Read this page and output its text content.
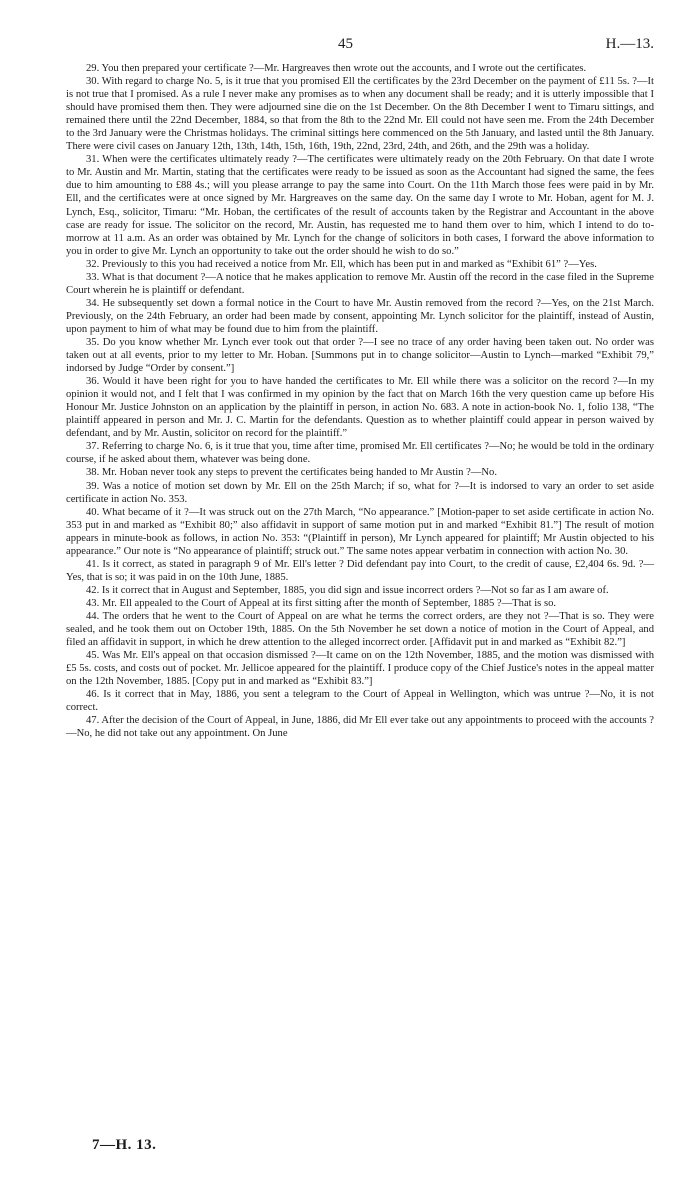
45	H.—13.

29. You then prepared your certificate ?—Mr. Hargreaves then wrote out the accounts, and I wrote out the certificates.

30. With regard to charge No. 5, is it true that you promised Ell the certificates by the 23rd December on the payment of £11 5s. ?—It is not true that I promised. As a rule I never make any promises as to when any document shall be ready; and it is utterly impossible that I should have promised them then. They were adjourned sine die on the 1st December. On the 8th December I went to Timaru sittings, and remained there until the 22nd December, 1884, so that from the 8th to the 22nd Mr. Ell could not have seen me. From the 24th December to the 3rd January were the Christmas holidays. The criminal sittings here commenced on the 5th January, and lasted until the 8th January. There were civil cases on January 12th, 13th, 14th, 15th, 16th, 19th, 22nd, 23rd, 24th, and 26th, and the 29th was a holiday.

31. When were the certificates ultimately ready ?—The certificates were ultimately ready on the 20th February. On that date I wrote to Mr. Austin and Mr. Martin, stating that the certificates were ready to be issued as soon as the Accountant had signed the same, the fees due to him amounting to £88 4s.; will you please arrange to pay the same into Court. On the 11th March those fees were paid in by Mr. Ell, and the certificates were at once signed by Mr. Hargreaves on the same day. On the same day I wrote to Mr. Hoban, agent for M. J. Lynch, Esq., solicitor, Timaru: “Mr. Hoban, the certificates of the result of accounts taken by the Registrar and Accountant in the above case are ready for issue. The solicitor on the record, Mr. Austin, has requested me to hand them over to him, which I intend to do to-morrow at 11 a.m. As an order was obtained by Mr. Lynch for the change of solicitors in both cases, I forward the above information to you in order to give Mr. Lynch an opportunity to take out the order should he wish to do so.”

32. Previously to this you had received a notice from Mr. Ell, which has been put in and marked as “Exhibit 61” ?—Yes.

33. What is that document ?—A notice that he makes application to remove Mr. Austin off the record in the case filed in the Supreme Court wherein he is plaintiff or defendant.

34. He subsequently set down a formal notice in the Court to have Mr. Austin removed from the record ?—Yes, on the 21st March. Previously, on the 24th February, an order had been made by consent, appointing Mr. Lynch solicitor for the plaintiff, instead of Austin, upon payment to him of what may be found due to him from the plaintiff.

35. Do you know whether Mr. Lynch ever took out that order ?—I see no trace of any order having been taken out. No order was taken out at all events, prior to my letter to Mr. Hoban. [Summons put in to change solicitor—Austin to Lynch—marked “Exhibit 79,” indorsed by Judge “Order by consent.”]

36. Would it have been right for you to have handed the certificates to Mr. Ell while there was a solicitor on the record ?—In my opinion it would not, and I felt that I was confirmed in my opinion by the fact that on March 16th the very question came up before His Honour Mr. Justice Johnston on an application by the plaintiff in person, in action No. 683. A note in action-book No. 1, folio 138, “The plaintiff appeared in person and Mr. J. C. Martin for the defendants. Question as to whether plaintiff could appear in person waived by defendant, and by Mr. Austin, solicitor on record for the plaintiff.”

37. Referring to charge No. 6, is it true that you, time after time, promised Mr. Ell certificates ?—No; he would be told in the ordinary course, if he asked about them, whatever was being done.

38. Mr. Hoban never took any steps to prevent the certificates being handed to Mr Austin ?—No.

39. Was a notice of motion set down by Mr. Ell on the 25th March; if so, what for ?—It is indorsed to vary an order to set aside certificate in action No. 353.

40. What became of it ?—It was struck out on the 27th March, “No appearance.” [Motion-paper to set aside certificate in action No. 353 put in and marked as “Exhibit 80;” also affidavit in support of same motion put in and marked “Exhibit 81.”] The result of motion appears in minute-book as follows, in action No. 353: “(Plaintiff in person), Mr Lynch appeared for plaintiff; Mr Austin objected to his appearance.” Our note is “No appearance of plaintiff; struck out.” The same notes appear verbatim in connection with action No. 30.

41. Is it correct, as stated in paragraph 9 of Mr. Ell's letter ? Did defendant pay into Court, to the credit of cause, £2,404 6s. 9d. ?—Yes, that is so; it was paid in on the 10th June, 1885.

42. Is it correct that in August and September, 1885, you did sign and issue incorrect orders ?—Not so far as I am aware of.

43. Mr. Ell appealed to the Court of Appeal at its first sitting after the month of September, 1885 ?—That is so.

44. The orders that he went to the Court of Appeal on are what he terms the correct orders, are they not ?—That is so. They were sealed, and he took them out on October 19th, 1885. On the 5th November he set down a notice of motion in the Court of Appeal, and filed an affidavit in support, in which he drew attention to the alleged incorrect order. [Affidavit put in and marked as “Exhibit 82.”]

45. Was Mr. Ell's appeal on that occasion dismissed ?—It came on on the 12th November, 1885, and the motion was dismissed with £5 5s. costs, and costs out of pocket. Mr. Jellicoe appeared for the plaintiff. I produce copy of the Chief Justice's notes in the appeal matter on the 12th November, 1885. [Copy put in and marked as “Exhibit 83.”]

46. Is it correct that in May, 1886, you sent a telegram to the Court of Appeal in Wellington, which was untrue ?—No, it is not correct.

47. After the decision of the Court of Appeal, in June, 1886, did Mr Ell ever take out any appointments to proceed with the accounts ?—No, he did not take out any appointment. On June

7—H. 13.
